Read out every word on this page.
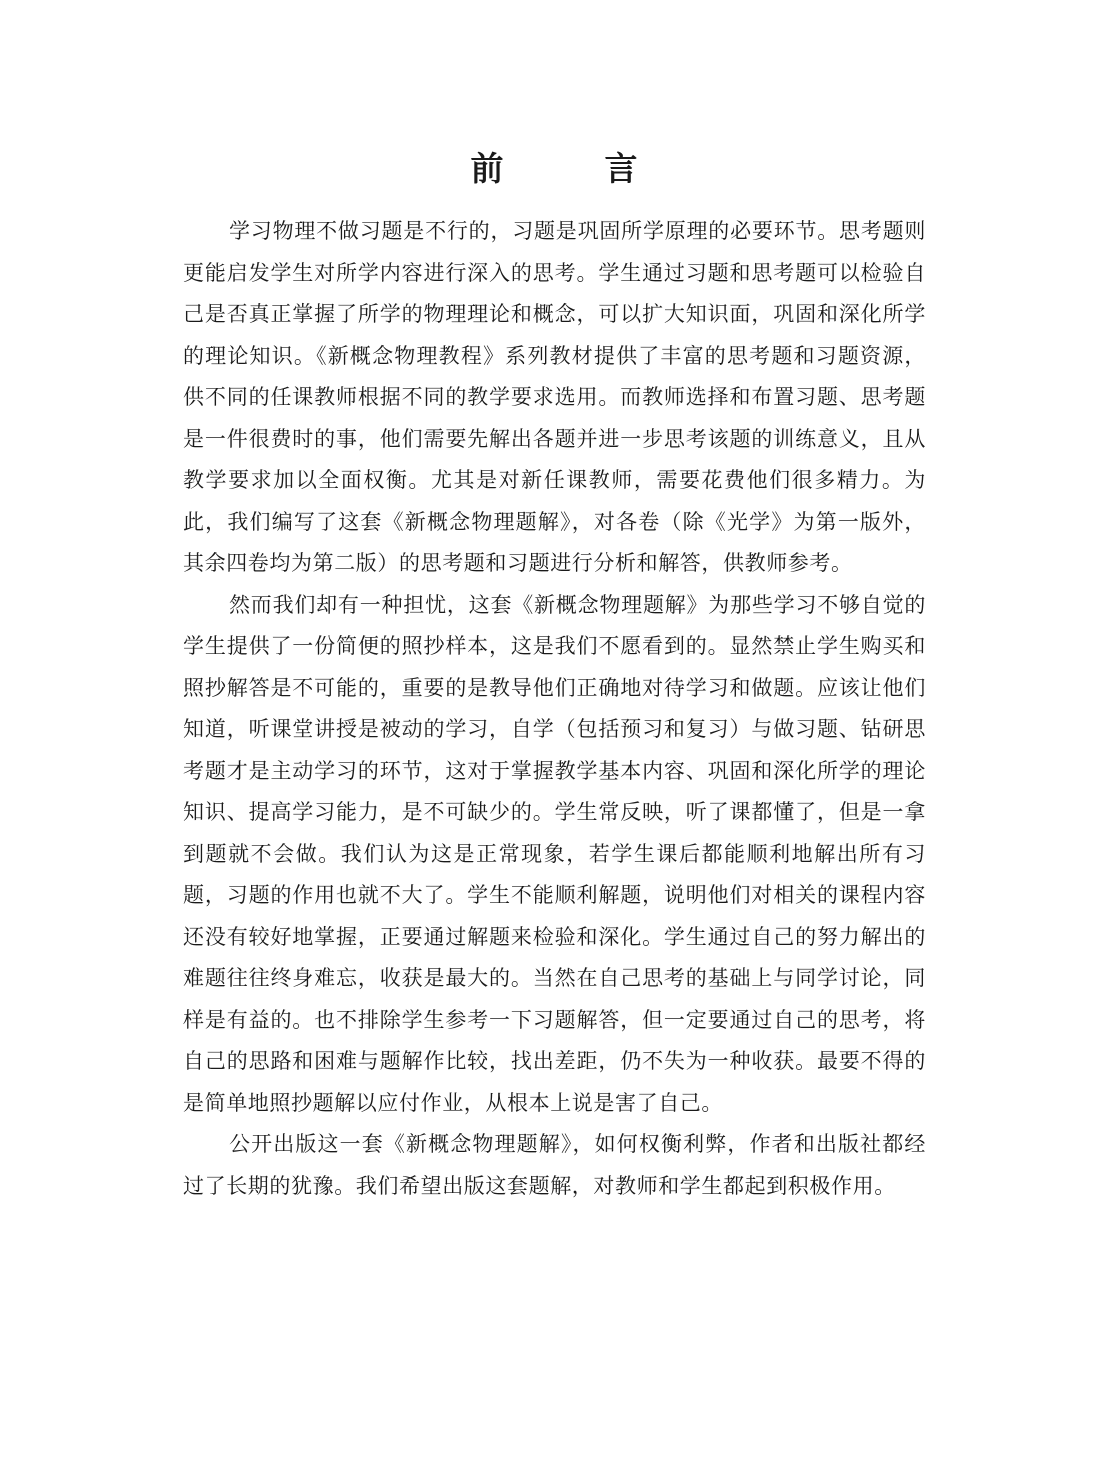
前　言

学习物理不做习题是不行的，习题是巩固所学原理的必要环节。思考题则更能启发学生对所学内容进行深入的思考。学生通过习题和思考题可以检验自己是否真正掌握了所学的物理理论和概念，可以扩大知识面，巩固和深化所学的理论知识。《新概念物理教程》系列教材提供了丰富的思考题和习题资源，供不同的任课教师根据不同的教学要求选用。而教师选择和布置习题、思考题是一件很费时的事，他们需要先解出各题并进一步思考该题的训练意义，且从教学要求加以全面权衡。尤其是对新任课教师，需要花费他们很多精力。为此，我们编写了这套《新概念物理题解》，对各卷（除《光学》为第一版外，其余四卷均为第二版）的思考题和习题进行分析和解答，供教师参考。

然而我们却有一种担忧，这套《新概念物理题解》为那些学习不够自觉的学生提供了一份简便的照抄样本，这是我们不愿看到的。显然禁止学生购买和照抄解答是不可能的，重要的是教导他们正确地对待学习和做题。应该让他们知道，听课堂讲授是被动的学习，自学（包括预习和复习）与做习题、钻研思考题才是主动学习的环节，这对于掌握教学基本内容、巩固和深化所学的理论知识、提高学习能力，是不可缺少的。学生常反映，听了课都懂了，但是一拿到题就不会做。我们认为这是正常现象，若学生课后都能顺利地解出所有习题，习题的作用也就不大了。学生不能顺利解题，说明他们对相关的课程内容还没有较好地掌握，正要通过解题来检验和深化。学生通过自己的努力解出的难题往往终身难忘，收获是最大的。当然在自己思考的基础上与同学讨论，同样是有益的。也不排除学生参考一下习题解答，但一定要通过自己的思考，将自己的思路和困难与题解作比较，找出差距，仍不失为一种收获。最要不得的是简单地照抄题解以应付作业，从根本上说是害了自己。

公开出版这一套《新概念物理题解》，如何权衡利弊，作者和出版社都经过了长期的犹豫。我们希望出版这套题解，对教师和学生都起到积极作用。
